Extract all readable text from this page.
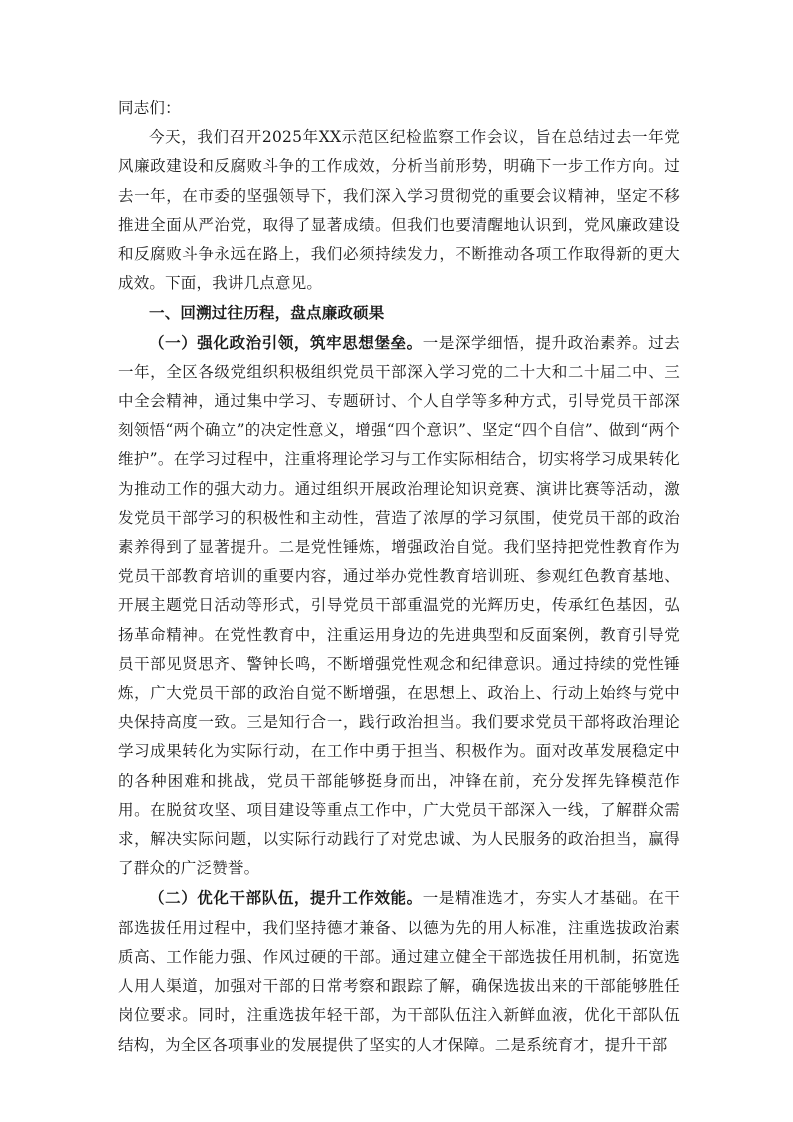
同志们：

今天，我们召开2025年XX示范区纪检监察工作会议，旨在总结过去一年党风廉政建设和反腐败斗争的工作成效，分析当前形势，明确下一步工作方向。过去一年，在市委的坚强领导下，我们深入学习贯彻党的重要会议精神，坚定不移推进全面从严治党，取得了显著成绩。但我们也要清醒地认识到，党风廉政建设和反腐败斗争永远在路上，我们必须持续发力，不断推动各项工作取得新的更大成效。下面，我讲几点意见。

一、回溯过往历程，盘点廉政硕果

（一）强化政治引领，筑牢思想堡垒。一是深学细悟，提升政治素养。过去一年，全区各级党组织积极组织党员干部深入学习党的二十大和二十届二中、三中全会精神，通过集中学习、专题研讨、个人自学等多种方式，引导党员干部深刻领悟“两个确立”的决定性意义，增强“四个意识”、坚定“四个自信”、做到“两个维护”。在学习过程中，注重将理论学习与工作实际相结合，切实将学习成果转化为推动工作的强大动力。通过组织开展政治理论知识竞赛、演讲比赛等活动，激发党员干部学习的积极性和主动性，营造了浓厚的学习氛围，使党员干部的政治素养得到了显著提升。二是党性锤炼，增强政治自觉。我们坚持把党性教育作为党员干部教育培训的重要内容，通过举办党性教育培训班、参观红色教育基地、开展主题党日活动等形式，引导党员干部重温党的光辉历史，传承红色基因，弘扬革命精神。在党性教育中，注重运用身边的先进典型和反面案例，教育引导党员干部见贤思齐、警钟长鸣，不断增强党性观念和纪律意识。通过持续的党性锤炼，广大党员干部的政治自觉不断增强，在思想上、政治上、行动上始终与党中央保持高度一致。三是知行合一，践行政治担当。我们要求党员干部将政治理论学习成果转化为实际行动，在工作中勇于担当、积极作为。面对改革发展稳定中的各种困难和挑战，党员干部能够挺身而出，冲锋在前，充分发挥先锋模范作用。在脱贫攻坚、项目建设等重点工作中，广大党员干部深入一线，了解群众需求，解决实际问题，以实际行动践行了对党忠诚、为人民服务的政治担当，赢得了群众的广泛赞誉。

（二）优化干部队伍，提升工作效能。一是精准选才，夯实人才基础。在干部选拔任用过程中，我们坚持德才兼备、以德为先的用人标准，注重选拔政治素质高、工作能力强、作风过硬的干部。通过建立健全干部选拔任用机制，拓宽选人用人渠道，加强对干部的日常考察和跟踪了解，确保选拔出来的干部能够胜任岗位要求。同时，注重选拔年轻干部，为干部队伍注入新鲜血液，优化干部队伍结构，为全区各项事业的发展提供了坚实的人才保障。二是系统育才，提升干部
